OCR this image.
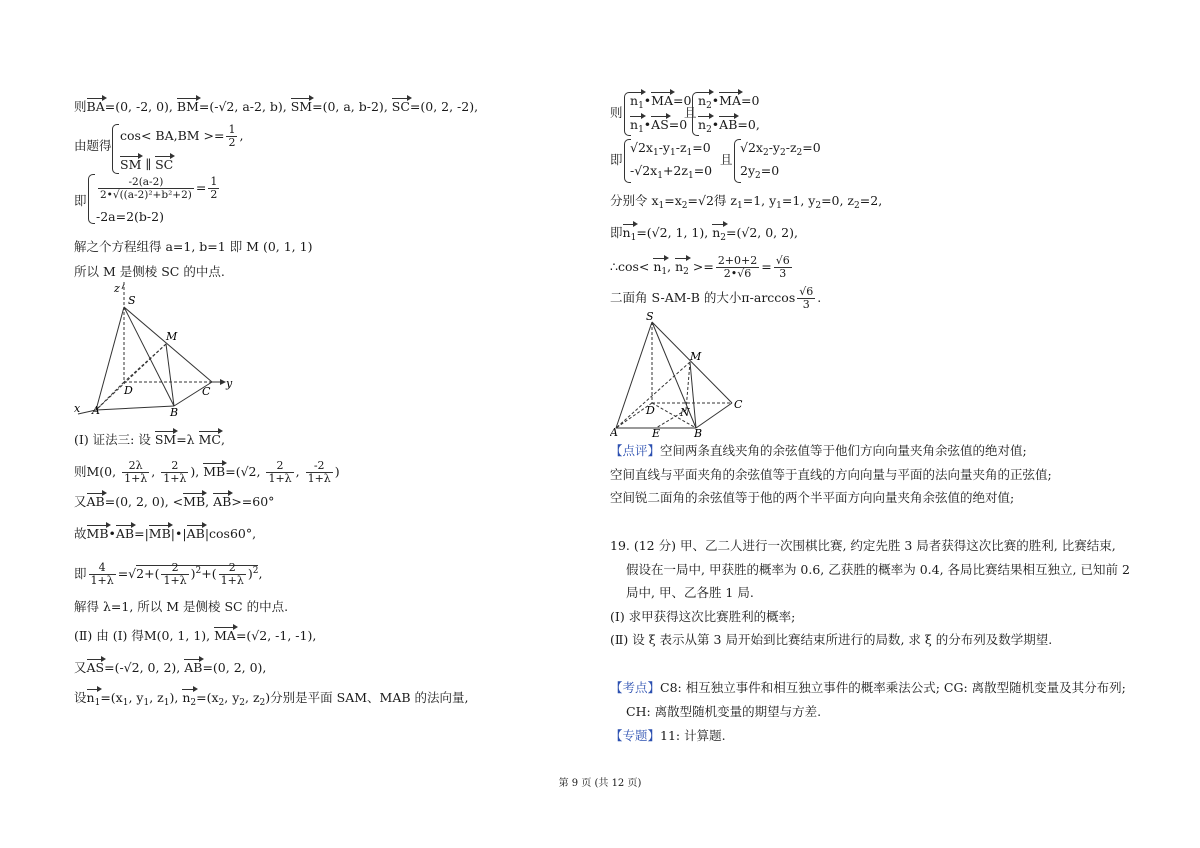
则BA=(0, -2, 0), BM=(-√2, a-2, b), SM=(0, a, b-2), SC=(0, 2, -2),
由题得
$\cos< BA,BM >= \frac{1}{2}$ ,
SM ∥ SC
即 $\frac{-2(a-2)}{\text{2•√((a-2)²+b²+2)}} = \frac{1}{2}$
-2a=2(b-2)
解之个方程组得 a=1, b=1 即 M (0, 1, 1)
所以 M 是侧棱 SC 的中点.
z
S
M
D	C
y
x A	B
(I) 证法三: 设 SM=λ MC,
则M(0, $\frac{2\lambda}{1+\lambda}$ , $\frac{2}{1+\lambda}$ ), MB=(√2, $\frac{2}{1+\lambda}$ , $\frac{-2}{1+\lambda}$ )
又AB=(0, 2, 0), <MB, AB>=60°
故MB•AB=|MB|•|AB|cos60°,
即 $\frac{4}{1+\lambda} =√2+( \frac{2}{1+\lambda} )^2+( \frac{2}{1+\lambda} )^2$,
解得 λ=1, 所以 M 是侧棱 SC 的中点.
(Ⅱ) 由 (Ⅰ) 得M(0, 1, 1), MA=(√2, -1, -1),
又AS=(-√2, 0, 2), AB=(0, 2, 0),
设$n_1=(x_1$, $y_1$, $z_1$), $n_2=(x_2$, $y_2$, $z_2$)分别是平面 SAM、MAB 的法向量,
则
$n_1•MA=0$
$n_1•AS=0$
且
$n_2•MA=0$
$n_2•AB=0$,
即
$√2x_1-y_1-z_1=0$
$-√2x_1+2z_1=0$
且
$√2x_2-y_2-z_2=0$
$2y_2=0$
分别令 $x_1=x_2=√2$得 $z_1=1$, $y_1=1$, $y_2=0$, $z_2=2$,
即$n_1=(√2$, 1, 1), $n_2=(√2$, 0, 2),
∴cos< $n_1$, $n_2 >= \frac{2+0+2}{2•√6} = \frac{√6}{3}$
二面角 S-AM-B 的大小$\pi-\arccos \frac{√6}{3}$ .
S
M
D N
C
A	E	B
【点评】空间两条直线夹角的余弦值等于他们方向向量夹角余弦值的绝对值;
空间直线与平面夹角的余弦值等于直线的方向向量与平面的法向量夹角的正弦值;
空间锐二面角的余弦值等于他的两个半平面方向向量夹角余弦值的绝对值;
19. (12 分) 甲、乙二人进行一次围棋比赛, 约定先胜 3 局者获得这次比赛的胜利, 比赛结束,
假设在一局中, 甲获胜的概率为 0.6, 乙获胜的概率为 0.4, 各局比赛结果相互独立, 已知前 2
局中, 甲、乙各胜 1 局.
(I) 求甲获得这次比赛胜利的概率;
(Ⅱ) 设 ξ 表示从第 3 局开始到比赛结束所进行的局数, 求 ξ 的分布列及数学期望.
【考点】C8: 相互独立事件和相互独立事件的概率乘法公式; CG: 离散型随机变量及其分布列;
CH: 离散型随机变量的期望与方差.
【专题】11: 计算题.
第 9 页 (共 12 页)
